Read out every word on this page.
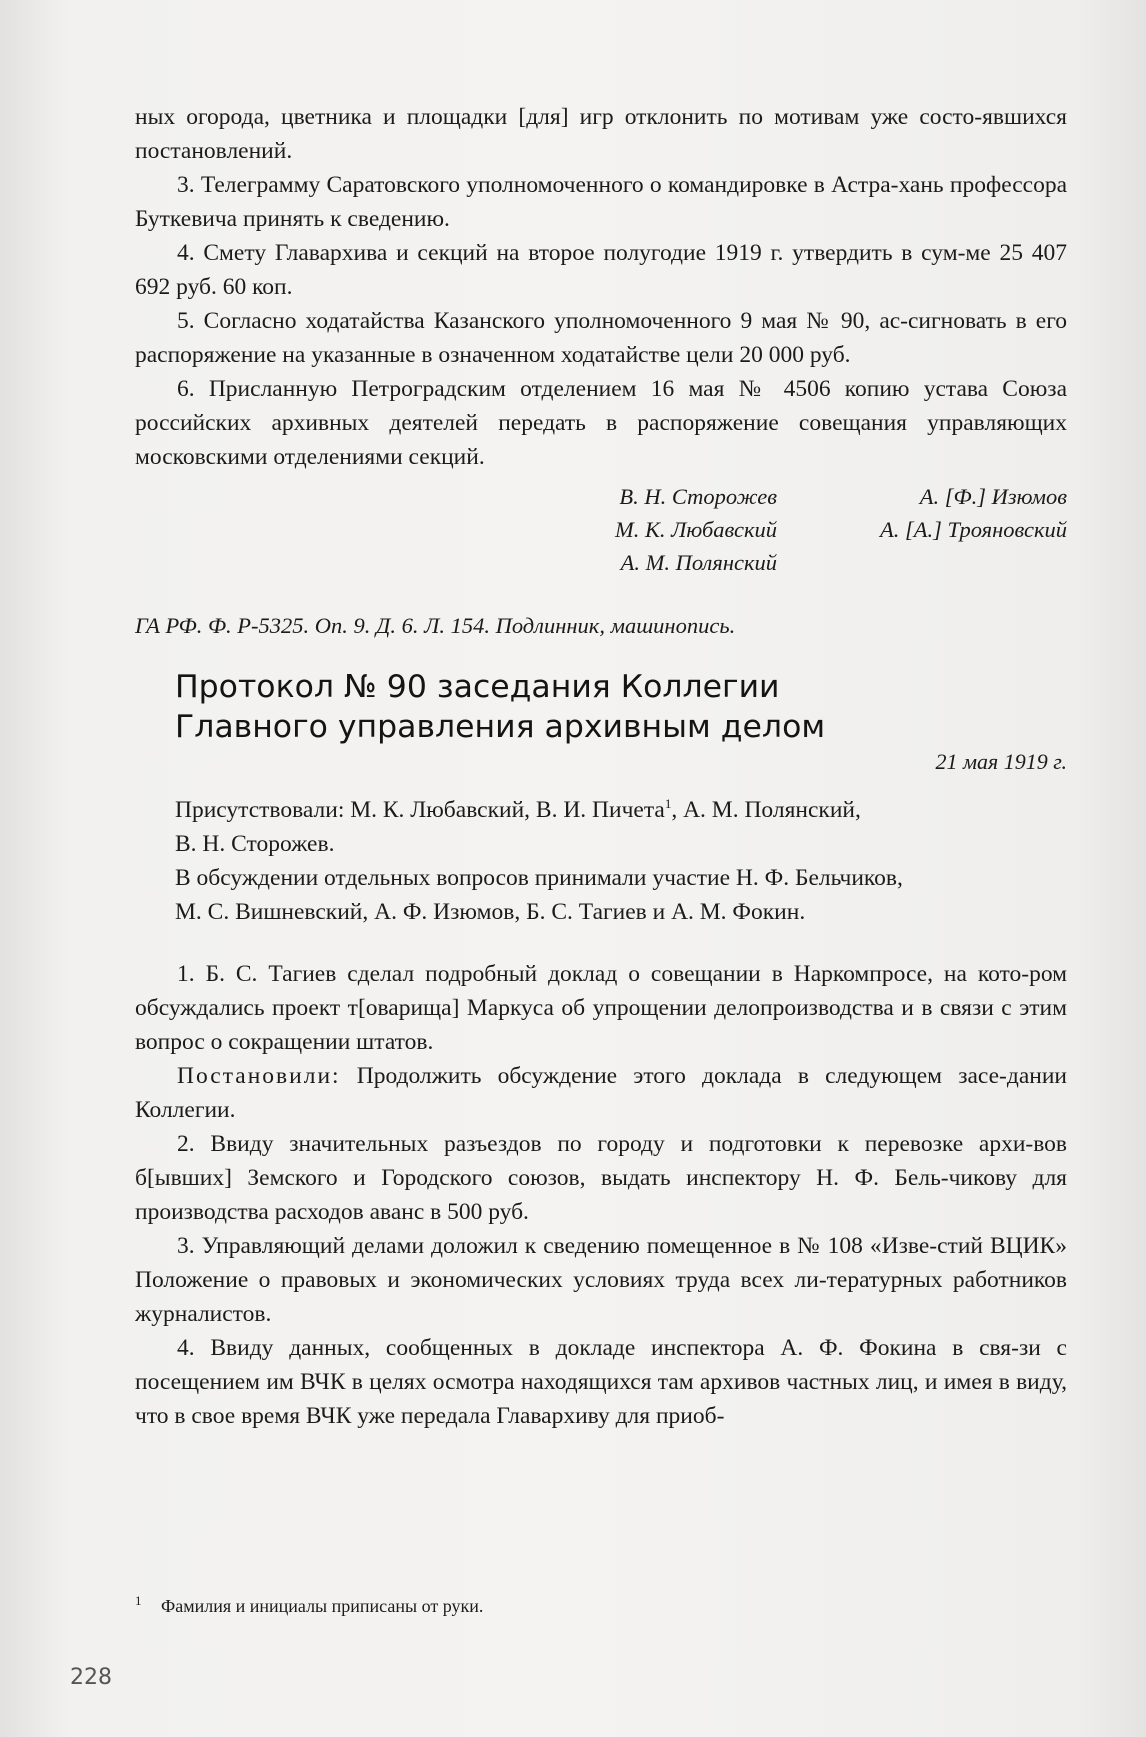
ных огорода, цветника и площадки [для] игр отклонить по мотивам уже состо-явшихся постановлений.

3. Телеграмму Саратовского уполномоченного о командировке в Астра-хань профессора Буткевича принять к сведению.

4. Смету Главархива и секций на второе полугодие 1919 г. утвердить в сум-ме 25 407 692 руб. 60 коп.

5. Согласно ходатайства Казанского уполномоченного 9 мая № 90, ас-сигновать в его распоряжение на указанные в означенном ходатайстве цели 20 000 руб.

6. Присланную Петроградским отделением 16 мая № 4506 копию устава Союза российских архивных деятелей передать в распоряжение совещания управляющих московскими отделениями секций.

В. Н. Сторожев	А. [Ф.] Изюмов
М. К. Любавский	А. [А.] Трояновский
А. М. Полянский

ГА РФ. Ф. Р-5325. Оп. 9. Д. 6. Л. 154. Подлинник, машинопись.

Протокол № 90 заседания Коллегии
Главного управления архивным делом
21 мая 1919 г.

Присутствовали: М. К. Любавский, В. И. Пичета$^1$, А. М. Полянский,

В. Н. Сторожев.

В обсуждении отдельных вопросов принимали участие Н. Ф. Бельчиков,

М. С. Вишневский, А. Ф. Изюмов, Б. С. Тагиев и А. М. Фокин.

1. Б. С. Тагиев сделал подробный доклад о совещании в Наркомпросе, на кото-ром обсуждались проект т[оварища] Маркуса об упрощении делопроизводства и в связи с этим вопрос о сокращении штатов.

Постановили: Продолжить обсуждение этого доклада в следующем засе-дании Коллегии.

2. Ввиду значительных разъездов по городу и подготовки к перевозке архи-вов б[ывших] Земского и Городского союзов, выдать инспектору Н. Ф. Бель-чикову для производства расходов аванс в 500 руб.

3. Управляющий делами доложил к сведению помещенное в № 108 «Изве-стий ВЦИК» Положение о правовых и экономических условиях труда всех ли-тературных работников журналистов.

4. Ввиду данных, сообщенных в докладе инспектора А. Ф. Фокина в свя-зи с посещением им ВЧК в целях осмотра находящихся там архивов частных лиц, и имея в виду, что в свое время ВЧК уже передала Главархиву для приоб-

$^1$ Фамилия и инициалы приписаны от руки.
228
